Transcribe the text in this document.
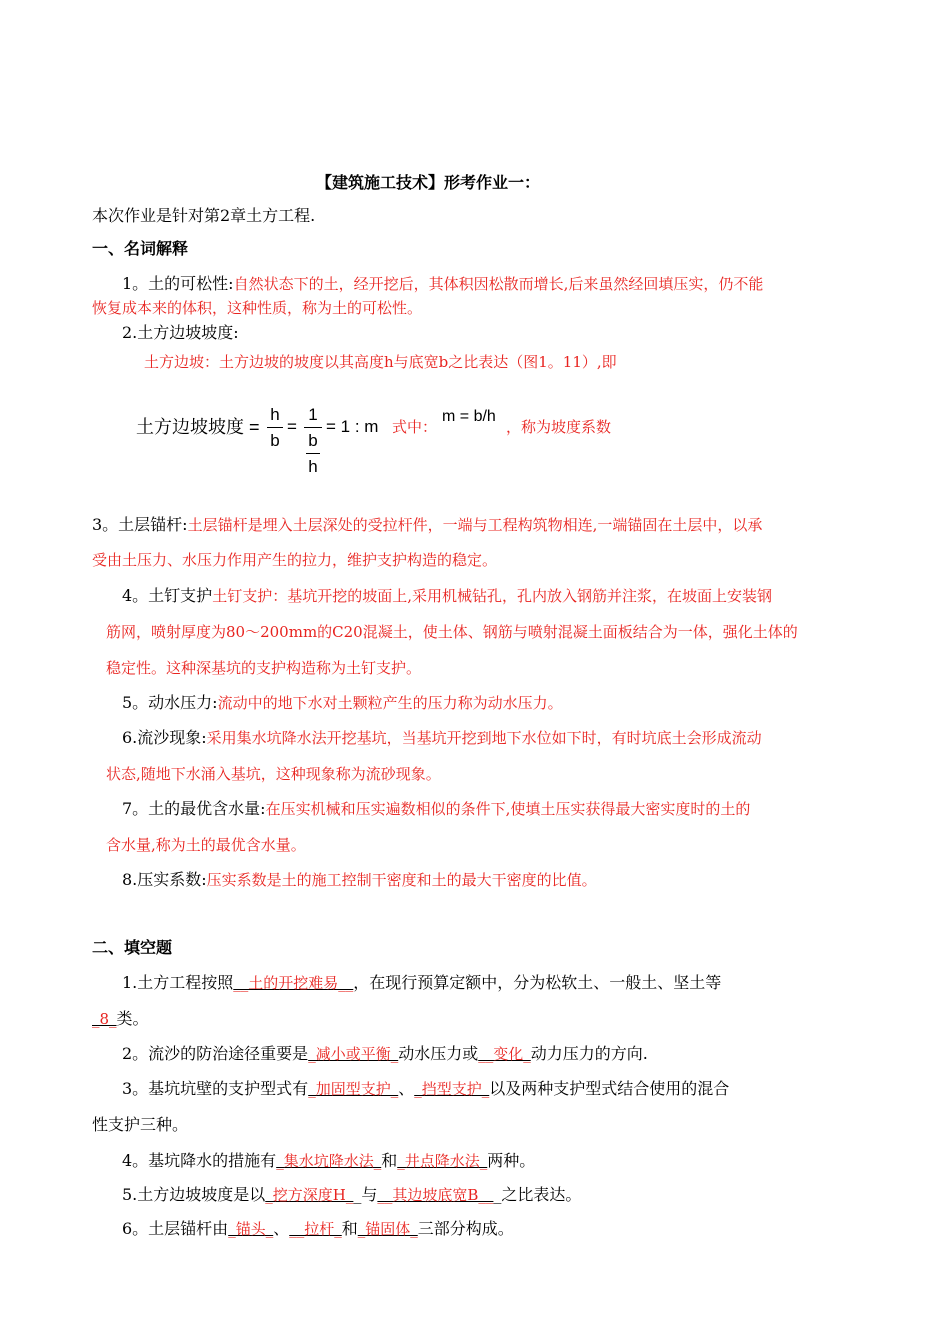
【建筑施工技术】形考作业一：
本次作业是针对第2章土方工程.
一、名词解释
1。土的可松性:自然状态下的土，经开挖后，其体积因松散而增长,后来虽然经回填压实，仍不能
恢复成本来的体积，这种性质，称为土的可松性。
2.土方边坡坡度:
土方边坡：土方边坡的坡度以其高度h与底宽b之比表达（图1。11）,即
土方边坡坡度 =
h
b
=
1
b
h
= 1 : m 式中：
m = b/h
，称为坡度系数
3。土层锚杆:土层锚杆是埋入土层深处的受拉杆件，一端与工程构筑物相连,一端锚固在土层中，以承
受由土压力、水压力作用产生的拉力，维护支护构造的稳定。
4。土钉支护土钉支护：基坑开挖的坡面上,采用机械钻孔，孔内放入钢筋并注浆，在坡面上安装钢
筋网，喷射厚度为80～200mm的C20混凝土，使土体、钢筋与喷射混凝土面板结合为一体，强化土体的
稳定性。这种深基坑的支护构造称为土钉支护。
5。动水压力:流动中的地下水对土颗粒产生的压力称为动水压力。
6.流沙现象:采用集水坑降水法开挖基坑，当基坑开挖到地下水位如下时，有时坑底土会形成流动
状态,随地下水涌入基坑，这种现象称为流砂现象。
7。土的最优含水量:在压实机械和压实遍数相似的条件下,使填土压实获得最大密实度时的土的
含水量,称为土的最优含水量。
8.压实系数:压实系数是土的施工控制干密度和土的最大干密度的比值。
二、填空题
1.土方工程按照__土的开挖难易__，在现行预算定额中，分为松软土、一般土、坚土等
_8_类。
2。流沙的防治途径重要是_减小或平衡_动水压力或__变化_动力压力的方向.
3。基坑坑壁的支护型式有_加固型支护_、_挡型支护_以及两种支护型式结合使用的混合
性支护三种。
4。基坑降水的措施有_集水坑降水法_和_井点降水法_两种。
5.土方边坡坡度是以_挖方深度H__与__其边坡底宽B___之比表达。
6。土层锚杆由_锚头_、__拉杆_和_锚固体_三部分构成。
